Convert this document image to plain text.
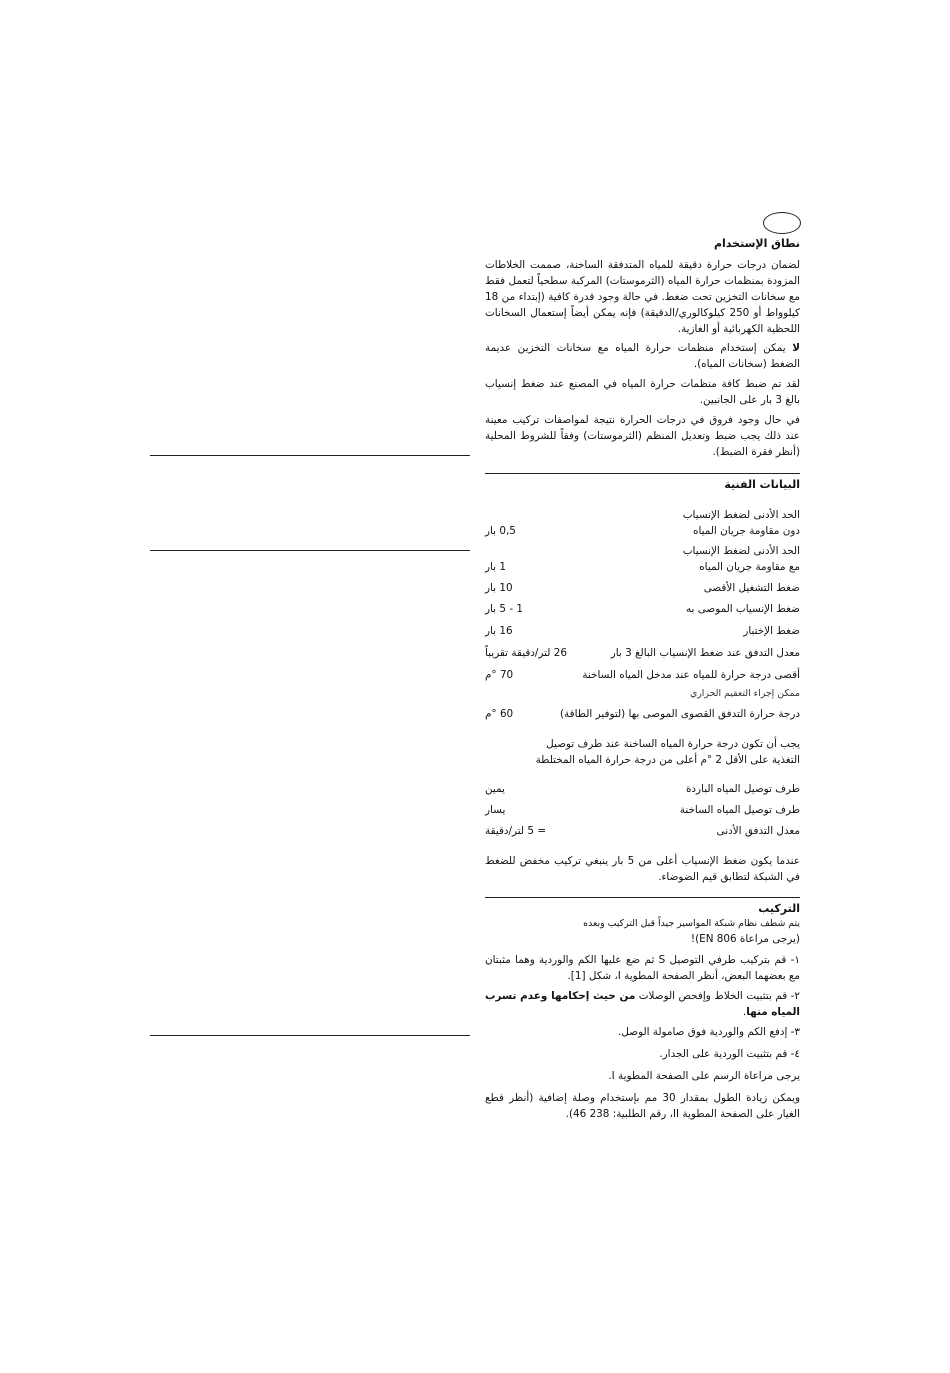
نطاق الإستخدام
لضمان درجات حرارة دقيقة للمياه المتدفقة الساخنة، صممت الخلاطات المزودة بمنظمات حرارة المياه (الثرموستات) المركبة سطحياً لتعمل فقط مع سخانات التخزين تحت ضغط. في حالة وجود قدرة كافية (إبتداء من 18 كيلوواط أو 250 كيلوكالوري/الدقيقة) فإنه يمكن أيضاً إستعمال السخانات اللحظية الكهربائية أو الغازية.
لا يمكن إستخدام منظمات حرارة المياه مع سخانات التخزين عديمة الضغط (سخانات المياه).
لقد تم ضبط كافة منظمات حرارة المياه في المصنع عند ضغط إنسياب بالغ 3 بار على الجانبين.
في حال وجود فروق في درجات الحرارة نتيجة لمواصفات تركيب معينة عند ذلك يجب ضبط وتعديل المنظم (الثرموستات) وفقاً للشروط المحلية (أنظر فقرة الضبط).
البيانات الفنية
الحد الأدنى لضغط الإنسياب
دون مقاومة جريان المياه
0,5 بار
الحد الأدنى لضغط الإنسياب
مع مقاومة جريان المياه
1 بار
ضغط التشغيل الأقصى
10 بار
ضغط الإنسياب الموصى به
1 - 5 بار
ضغط الإختبار
16 بار
معدل التدفق عند ضغط الإنسياب البالغ 3 بار
26 لتر/دقيقة تقريباً
أقصى درجة حرارة للمياه عند مدخل المياه الساخنة
70 °م
ممكن إجراء التعقيم الحراري
درجة حرارة التدفق القصوى الموصى بها (لتوفير الطاقة)
60 °م
يجب أن تكون درجة حرارة المياه الساخنة عند طرف توصيل التغذية على الأقل 2 °م أعلى من درجة حرارة المياه المختلطة
طرف توصيل المياه الباردة
يمين
طرف توصيل المياه الساخنة
يسار
معدل التدفق الأدنى
= 5 لتر/دقيقة
عندما يكون ضغط الإنسياب أعلى من 5 بار ينبغي تركيب مخفض للضغط في الشبكة لتطابق قيم الضوضاء.
التركيب
يتم شطف نظام شبكة المواسير جيداً قبل التركيب وبعده
(يرجى مراعاة EN 806)!
١- قم بتركيب طرفي التوصيل S ثم ضع عليها الكم والوردية وهما مثبتان مع بعضهما البعض، أنظر الصفحة المطوية I، شكل [1].
٢- قم بتثبيت الخلاط وإفحص الوصلات من حيث إحكامها وعدم تسرب المياه منها.
٣- إدفع الكم والوردية فوق صامولة الوصل.
٤- قم بتثبيت الوردية على الجدار.
يرجى مراعاة الرسم على الصفحة المطوية I.
ويمكن زيادة الطول بمقدار 30 مم بإستخدام وصلة إضافية (أنظر قطع الغيار على الصفحة المطوية II، رقم الطلبية: 238 46).
